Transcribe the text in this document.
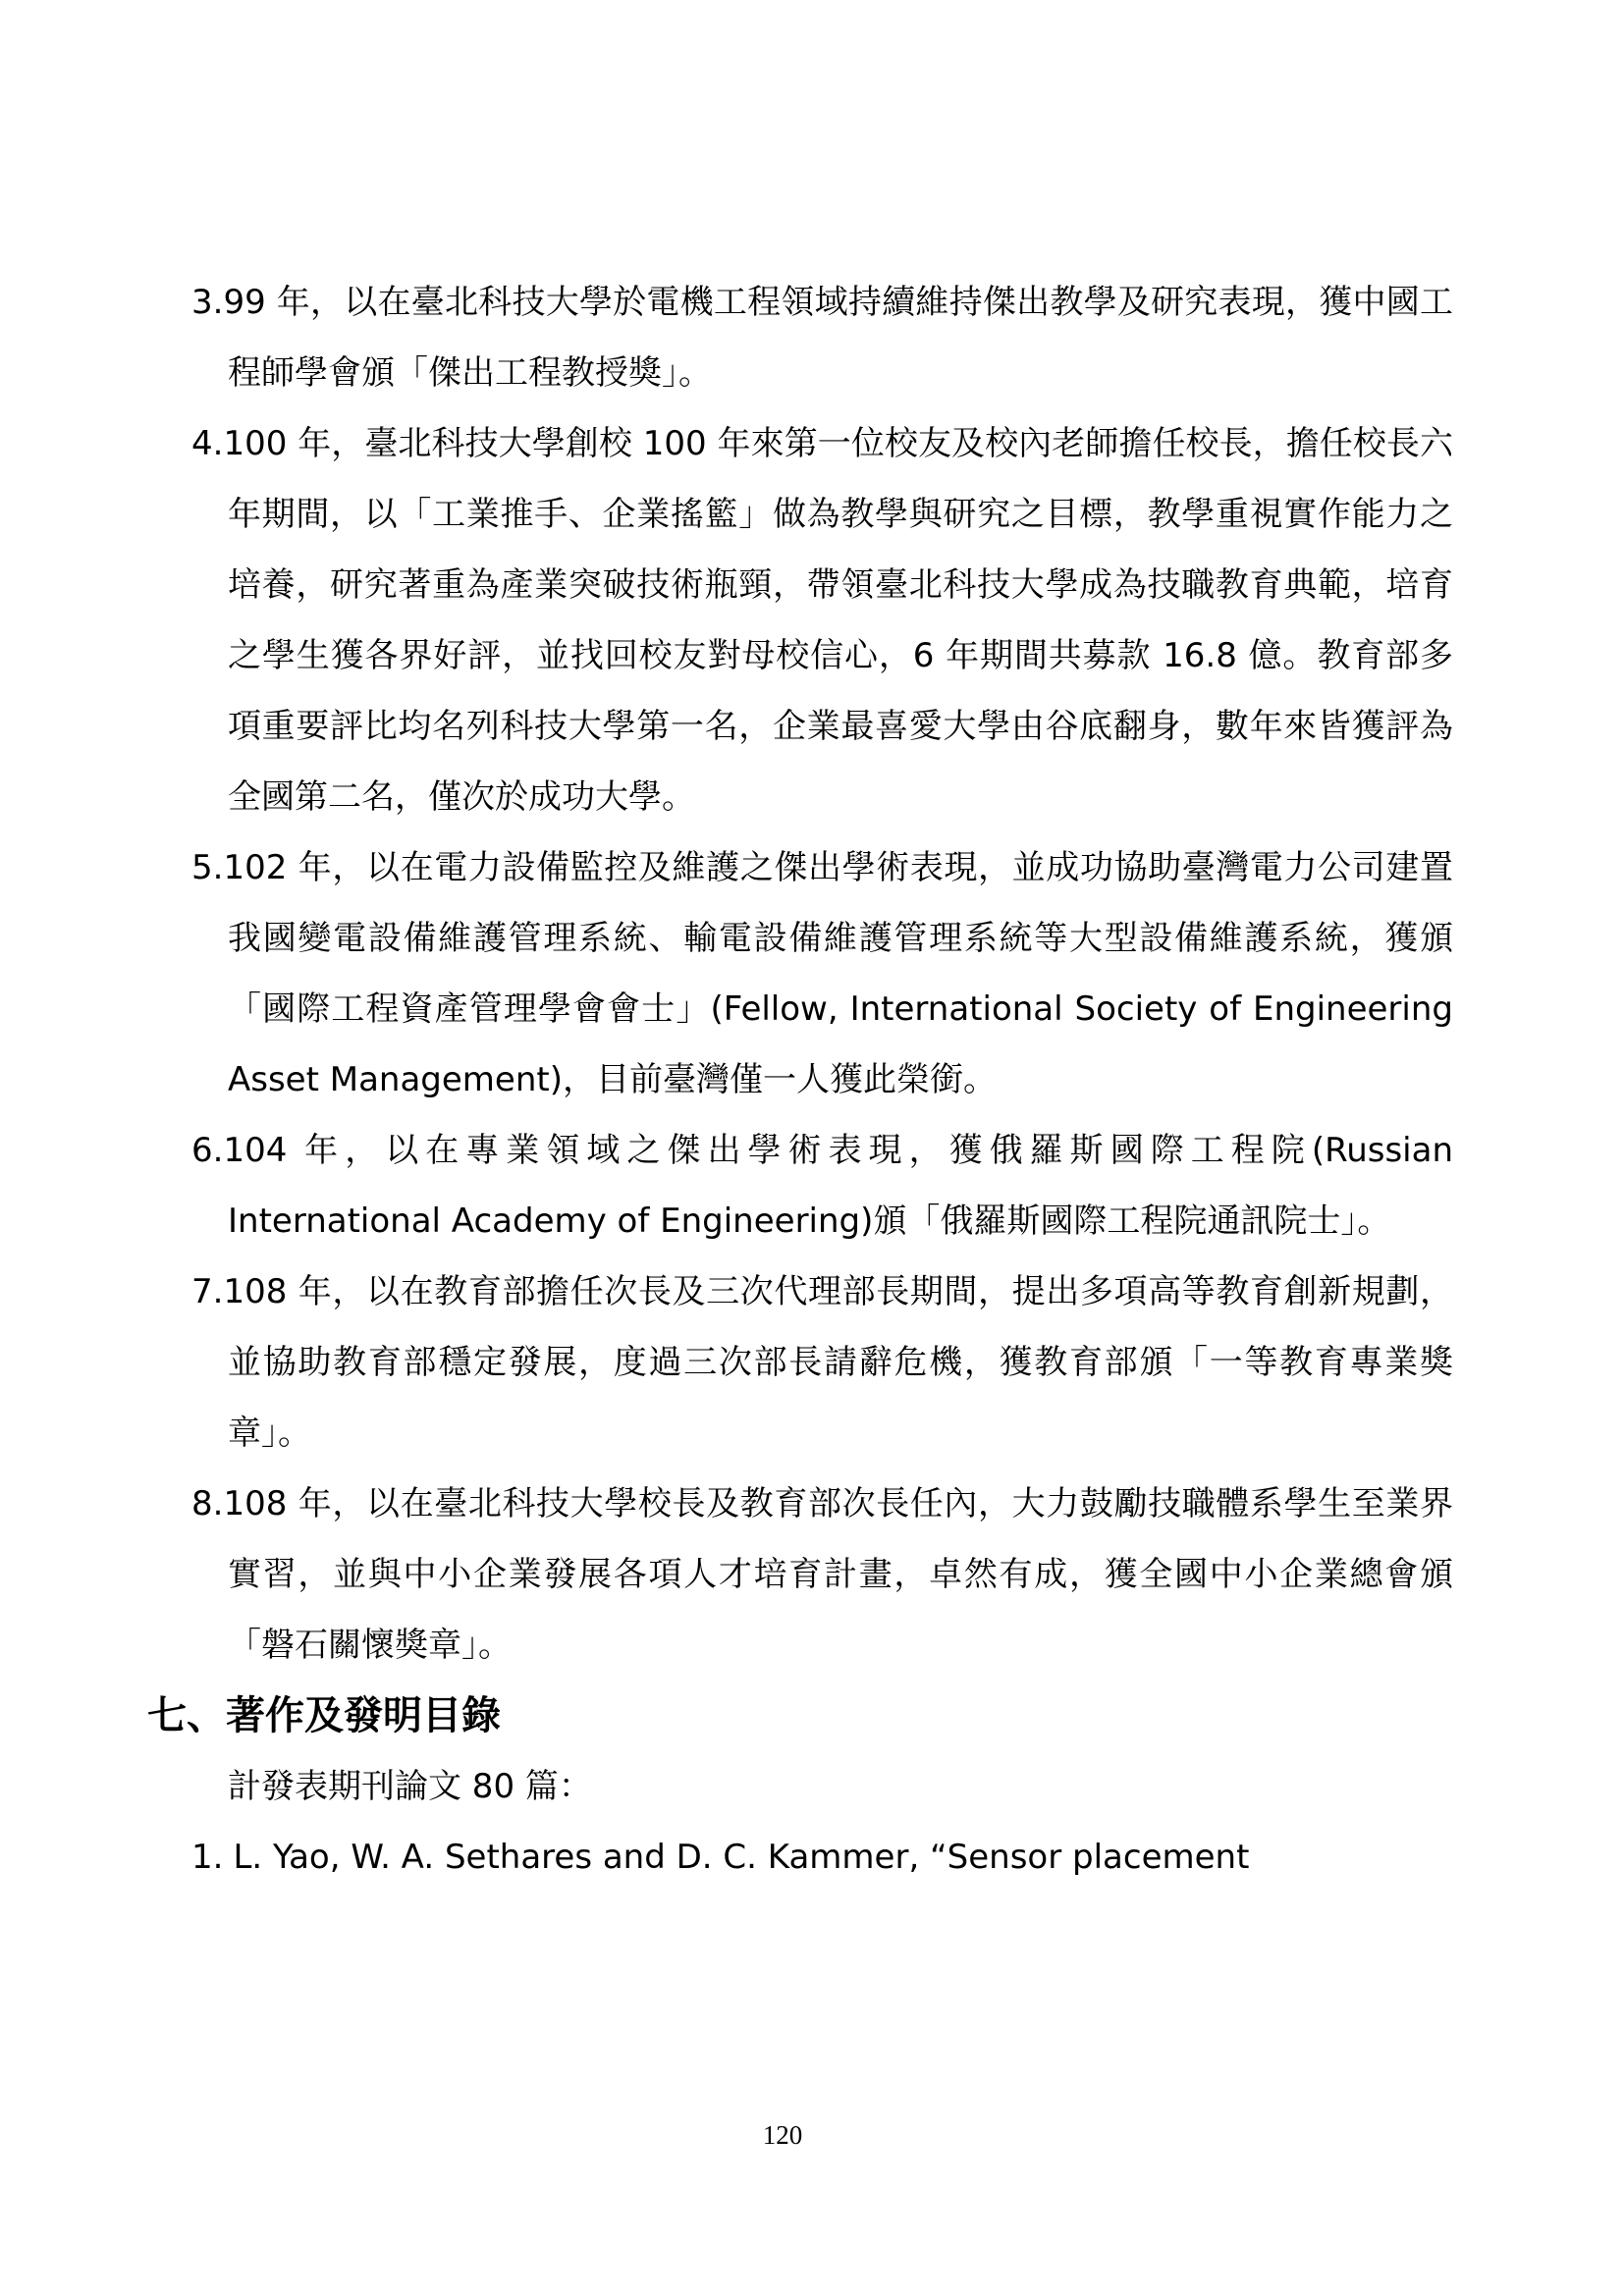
3.99 年，以在臺北科技大學於電機工程領域持續維持傑出教學及研究表現，獲中國工程師學會頒「傑出工程教授獎」。
4.100 年，臺北科技大學創校 100 年來第一位校友及校內老師擔任校長，擔任校長六年期間，以「工業推手、企業搖籃」做為教學與研究之目標，教學重視實作能力之培養，研究著重為產業突破技術瓶頸，帶領臺北科技大學成為技職教育典範，培育之學生獲各界好評，並找回校友對母校信心，6 年期間共募款 16.8 億。教育部多項重要評比均名列科技大學第一名，企業最喜愛大學由谷底翻身，數年來皆獲評為全國第二名，僅次於成功大學。
5.102 年，以在電力設備監控及維護之傑出學術表現，並成功協助臺灣電力公司建置我國變電設備維護管理系統、輸電設備維護管理系統等大型設備維護系統，獲頒「國際工程資產管理學會會士」(Fellow, International Society of Engineering Asset Management)，目前臺灣僅一人獲此榮銜。
6.104 年，以在專業領域之傑出學術表現，獲俄羅斯國際工程院(Russian International Academy of Engineering)頒「俄羅斯國際工程院通訊院士」。
7.108 年，以在教育部擔任次長及三次代理部長期間，提出多項高等教育創新規劃，並協助教育部穩定發展，度過三次部長請辭危機，獲教育部頒「一等教育專業獎章」。
8.108 年，以在臺北科技大學校長及教育部次長任內，大力鼓勵技職體系學生至業界實習，並與中小企業發展各項人才培育計畫，卓然有成，獲全國中小企業總會頒「磐石關懷獎章」。
七、著作及發明目錄
計發表期刊論文 80 篇：
1. L. Yao, W. A. Sethares and D. C. Kammer, “Sensor placement
120
